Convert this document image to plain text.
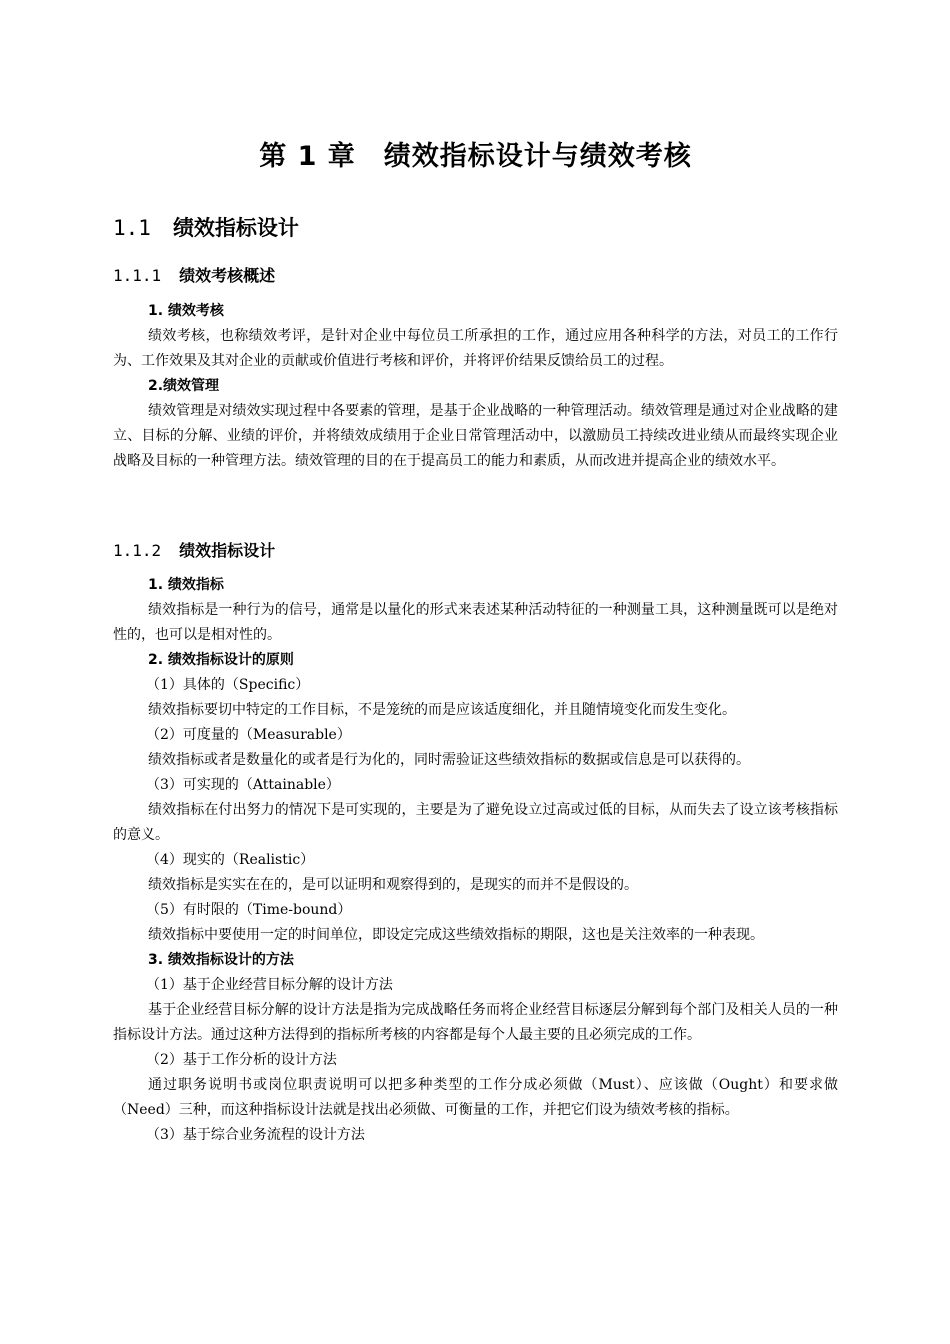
第 1 章　绩效指标设计与绩效考核
1.1 绩效指标设计
1.1.1 绩效考核概述

1. 绩效考核

绩效考核，也称绩效考评，是针对企业中每位员工所承担的工作，通过应用各种科学的方法，对员工的工作行为、工作效果及其对企业的贡献或价值进行考核和评价，并将评价结果反馈给员工的过程。

2.绩效管理

绩效管理是对绩效实现过程中各要素的管理，是基于企业战略的一种管理活动。绩效管理是通过对企业战略的建立、目标的分解、业绩的评价，并将绩效成绩用于企业日常管理活动中，以激励员工持续改进业绩从而最终实现企业战略及目标的一种管理方法。绩效管理的目的在于提高员工的能力和素质，从而改进并提高企业的绩效水平。

1.1.2 绩效指标设计

1. 绩效指标

绩效指标是一种行为的信号，通常是以量化的形式来表述某种活动特征的一种测量工具，这种测量既可以是绝对性的，也可以是相对性的。

2. 绩效指标设计的原则

（1）具体的（Specific）

绩效指标要切中特定的工作目标，不是笼统的而是应该适度细化，并且随情境变化而发生变化。

（2）可度量的（Measurable）

绩效指标或者是数量化的或者是行为化的，同时需验证这些绩效指标的数据或信息是可以获得的。

（3）可实现的（Attainable）

绩效指标在付出努力的情况下是可实现的，主要是为了避免设立过高或过低的目标，从而失去了设立该考核指标的意义。

（4）现实的（Realistic）

绩效指标是实实在在的，是可以证明和观察得到的，是现实的而并不是假设的。

（5）有时限的（Time-bound）

绩效指标中要使用一定的时间单位，即设定完成这些绩效指标的期限，这也是关注效率的一种表现。

3. 绩效指标设计的方法

（1）基于企业经营目标分解的设计方法

基于企业经营目标分解的设计方法是指为完成战略任务而将企业经营目标逐层分解到每个部门及相关人员的一种指标设计方法。通过这种方法得到的指标所考核的内容都是每个人最主要的且必须完成的工作。

（2）基于工作分析的设计方法

通过职务说明书或岗位职责说明可以把多种类型的工作分成必须做（Must）、应该做（Ought）和要求做（Need）三种，而这种指标设计法就是找出必须做、可衡量的工作，并把它们设为绩效考核的指标。

（3）基于综合业务流程的设计方法
